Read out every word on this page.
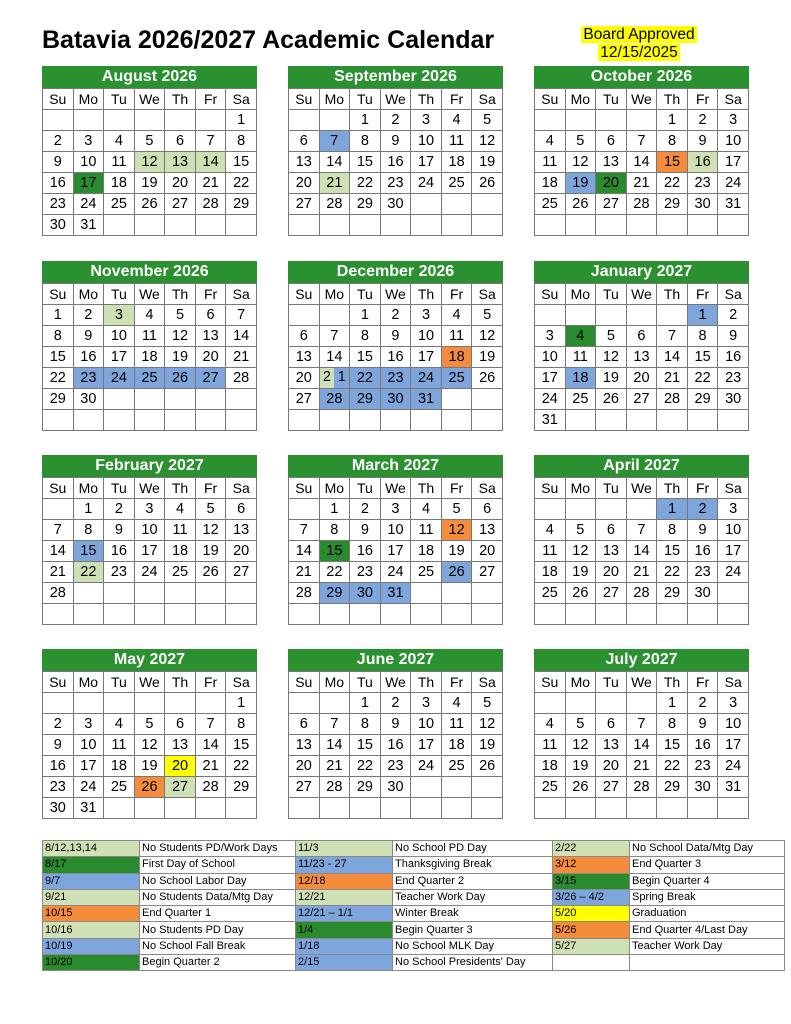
Batavia 2026/2027 Academic Calendar	Board Approved
12/15/2025
August 2026
Su	Mo	Tu	We	Th	Fr	Sa
						1
2	3	4	5	6	7	8
9	10	11	12	13	14	15
16	17	18	19	20	21	22
23	24	25	26	27	28	29
30	31					
September 2026
Su	Mo	Tu	We	Th	Fr	Sa
		1	2	3	4	5
6	7	8	9	10	11	12
13	14	15	16	17	18	19
20	21	22	23	24	25	26
27	28	29	30			

October 2026
Su	Mo	Tu	We	Th	Fr	Sa
				1	2	3
4	5	6	7	8	9	10
11	12	13	14	15	16	17
18	19	20	21	22	23	24
25	26	27	28	29	30	31

November 2026
Su	Mo	Tu	We	Th	Fr	Sa
1	2	3	4	5	6	7
8	9	10	11	12	13	14
15	16	17	18	19	20	21
22	23	24	25	26	27	28
29	30					

December 2026
Su	Mo	Tu	We	Th	Fr	Sa
		1	2	3	4	5
6	7	8	9	10	11	12
13	14	15	16	17	18	19
20	2 1	22	23	24	25	26
27	28	29	30	31		

January 2027
Su	Mo	Tu	We	Th	Fr	Sa
					1	2
3	4	5	6	7	8	9
10	11	12	13	14	15	16
17	18	19	20	21	22	23
24	25	26	27	28	29	30
31						
February 2027
Su	Mo	Tu	We	Th	Fr	Sa
	1	2	3	4	5	6
7	8	9	10	11	12	13
14	15	16	17	18	19	20
21	22	23	24	25	26	27
28						

March 2027
Su	Mo	Tu	We	Th	Fr	Sa
	1	2	3	4	5	6
7	8	9	10	11	12	13
14	15	16	17	18	19	20
21	22	23	24	25	26	27
28	29	30	31			

April 2027
Su	Mo	Tu	We	Th	Fr	Sa
				1	2	3
4	5	6	7	8	9	10
11	12	13	14	15	16	17
18	19	20	21	22	23	24
25	26	27	28	29	30	

May 2027
Su	Mo	Tu	We	Th	Fr	Sa
						1
2	3	4	5	6	7	8
9	10	11	12	13	14	15
16	17	18	19	20	21	22
23	24	25	26	27	28	29
30	31					
June 2027
Su	Mo	Tu	We	Th	Fr	Sa
		1	2	3	4	5
6	7	8	9	10	11	12
13	14	15	16	17	18	19
20	21	22	23	24	25	26
27	28	29	30			

July 2027
Su	Mo	Tu	We	Th	Fr	Sa
				1	2	3
4	5	6	7	8	9	10
11	12	13	14	15	16	17
18	19	20	21	22	23	24
25	26	27	28	29	30	31

8/12,13,14	No Students PD/Work Days	11/3	No School PD Day	2/22	No School Data/Mtg Day
8/17	First Day of School	11/23 - 27	Thanksgiving Break	3/12	End Quarter 3
9/7	No School Labor Day	12/18	End Quarter 2	3/15	Begin Quarter 4
9/21	No Students Data/Mtg Day	12/21	Teacher Work Day	3/26 – 4/2	Spring Break
10/15	End Quarter 1	12/21 – 1/1	Winter Break	5/20	Graduation
10/16	No Students PD Day	1/4	Begin Quarter 3	5/26	End Quarter 4/Last Day
10/19	No School Fall Break	1/18	No School MLK Day	5/27	Teacher Work Day
10/20	Begin Quarter 2	2/15	No School Presidents' Day		
